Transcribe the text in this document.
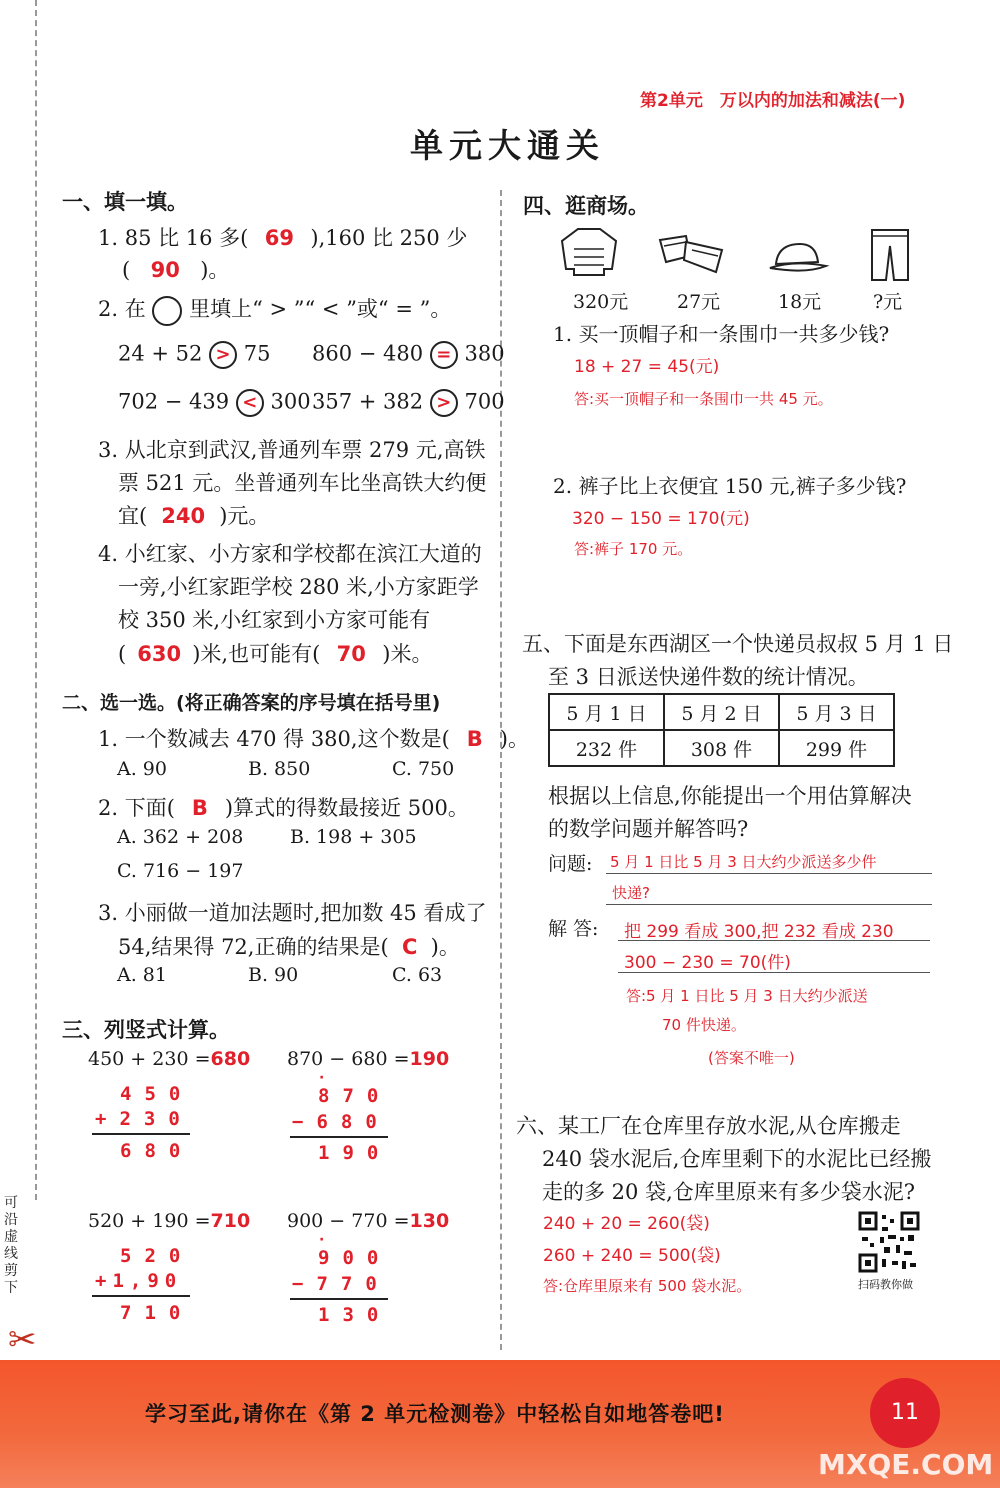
可沿虚线剪下
✂
第2单元　万以内的加法和减法(一)
单元大通关
一、填一填。
1. 85 比 16 多( 69 ),160 比 250 少
( 90 )。
2. 在 里填上“ > ”“ < ”或“ = ”。
24 + 52 > 75 860 − 480 = 380
702 − 439 < 300 357 + 382 > 700
3. 从北京到武汉,普通列车票 279 元,高铁
票 521 元。坐普通列车比坐高铁大约便
宜( 240 )元。
4. 小红家、小方家和学校都在滨江大道的
一旁,小红家距学校 280 米,小方家距学
校 350 米,小红家到小方家可能有
( 630 )米,也可能有( 70 )米。
二、选一选。(将正确答案的序号填在括号里)
1. 一个数减去 470 得 380,这个数是( B )。
A. 90	B. 850	C. 750
2. 下面( B )算式的得数最接近 500。
A. 362 + 208 B. 198 + 305
C. 716 − 197
3. 小丽做一道加法题时,把加数 45 看成了
54,结果得 72,正确的结果是( C )。
A. 81	B. 90	C. 63
三、列竖式计算。
450 + 230 =680
450
+230
680
870 − 680 =190
·
870
−680
190
520 + 190 =710
520
+1,90
710
900 − 770 =130
·
900
−770
130
四、逛商场。
320元	27元	18元	?元
1. 买一顶帽子和一条围巾一共多少钱?
18 + 27 = 45(元)
答:买一顶帽子和一条围巾一共 45 元。
2. 裤子比上衣便宜 150 元,裤子多少钱?
320 − 150 = 170(元)
答:裤子 170 元。
五、下面是东西湖区一个快递员叔叔 5 月 1 日
至 3 日派送快递件数的统计情况。
5 月 1 日	5 月 2 日	5 月 3 日
232 件	308 件	299 件
根据以上信息,你能提出一个用估算解决
的数学问题并解答吗?
问题: 5 月 1 日比 5 月 3 日大约少派送多少件
快递?
解 答: 把 299 看成 300,把 232 看成 230
300 − 230 = 70(件)
答:5 月 1 日比 5 月 3 日大约少派送
70 件快递。
(答案不唯一)
六、某工厂在仓库里存放水泥,从仓库搬走
240 袋水泥后,仓库里剩下的水泥比已经搬
走的多 20 袋,仓库里原来有多少袋水泥?
240 + 20 = 260(袋)
260 + 240 = 500(袋)
答:仓库里原来有 500 袋水泥。	扫码教你做
学习至此,请你在《第 2 单元检测卷》中轻松自如地答卷吧!	11
MXQE.COM
